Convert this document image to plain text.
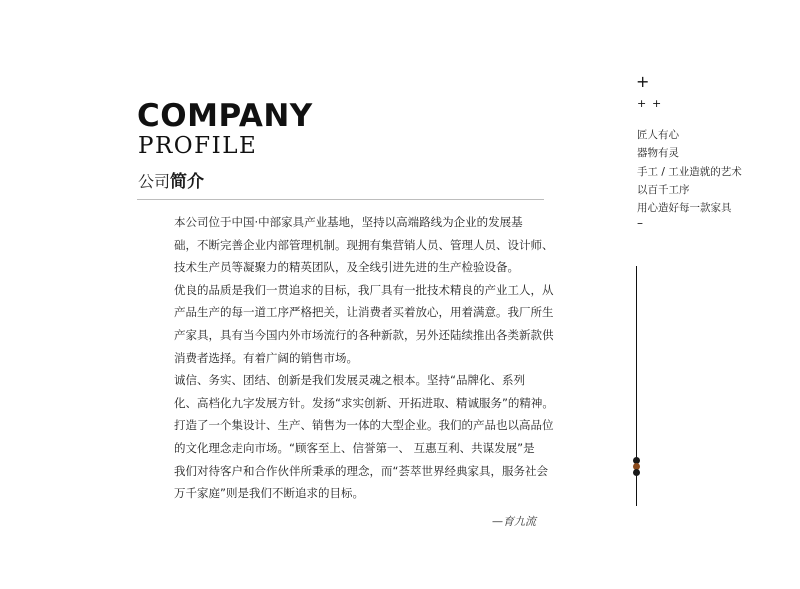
COMPANY
PROFILE
公司简介

本公司位于中国·中部家具产业基地，坚持以高端路线为企业的发展基

础，不断完善企业内部管理机制。现拥有集营销人员、管理人员、设计师、

技术生产员等凝聚力的精英团队，及全线引进先进的生产检验设备。

优良的品质是我们一贯追求的目标，我厂具有一批技术精良的产业工人，从

产品生产的每一道工序严格把关，让消费者买着放心，用着满意。我厂所生

产家具，具有当今国内外市场流行的各种新款，另外还陆续推出各类新款供

消费者选择。有着广阔的销售市场。

诚信、务实、团结、创新是我们发展灵魂之根本。坚持“品牌化、系列

化、高档化九字发展方针。发扬“求实创新、开拓进取、精诚服务”的精神。

打造了一个集设计、生产、销售为一体的大型企业。我们的产品也以高品位

的文化理念走向市场。“顾客至上、信誉第一、 互惠互利、共谋发展”是

我们对待客户和合作伙伴所秉承的理念，而“荟萃世界经典家具，服务社会

万千家庭”则是我们不断追求的目标。

—育九流
+
+ +
匠人有心
器物有灵
手工 / 工业造就的艺术
以百千工序
用心造好每一款家具
–
